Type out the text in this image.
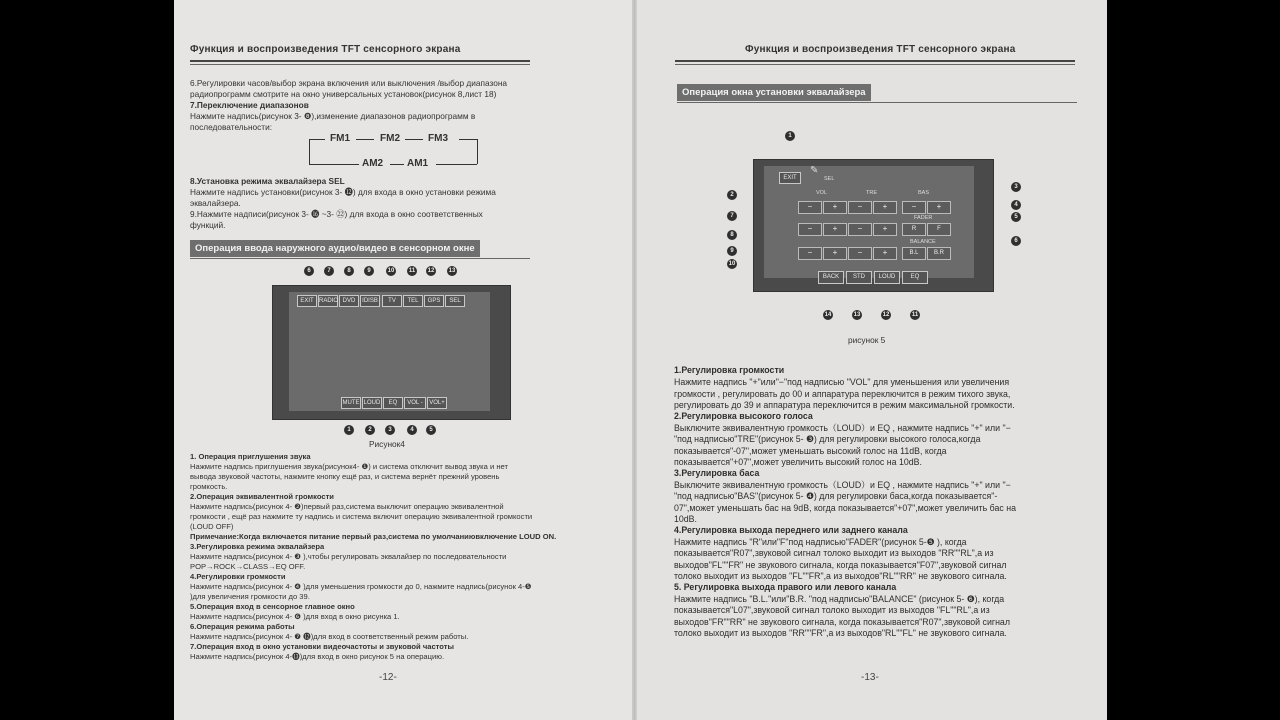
Функция и воспроизведения TFT сенсорного экрана
6.Регулировки часов/выбор экрана включения или выключения /выбор диапазона
радиопрограмм смотрите на окно универсальных установок(рисунок 8,лист 18)
7.Переключение диапазонов
Нажмите надпись(рисунок 3- ❽),изменение диапазонов радиопрограмм в
последовательности:
FM1	FM2	FM3
AM2 AM1
8.Установка режима эквалайзера SEL
Нажмите надпись установки(рисунок 3- ⓬) для входа в окно установки режима
эквалайзера.
9.Нажмите надписи(рисунок 3- ⓰ ~3- ㉒) для входа в окно соответственных
функций.
Операция ввода наружного аудио/видео в сенсорном окне
6	7	8	9	10	11	12 13
EXIT RADIO DVD	IDISB	TV	TEL	GPS	SEL
MUTE LOUD	EQ	VOL -	VOL+
1	2	3	4	5
Рисунок4
1. Операция приглушения звука
Нажмите надпись приглушения звука(рисунок4- ❶) и система отключит вывод звука и нет
вывода звуковой частоты, нажмите кнопку ещё раз, и система вернёт прежний уровень
громкость.
2.Операция эквивалентной громкости
Нажмите надпись(рисунок 4- ❷)первый раз,система выключит операцию эквивалентной
громкости , ещё раз нажмите ту надпись и система включит операцию эквивалентной громкости
(LOUD OFF)
Примечание:Когда включается питание первый раз,система по умолчаниювключение LOUD ON.
3.Регулировка режима эквалайзера
Нажмите надпись(рисунок 4- ❸ ),чтобы регулировать эквалайзер по последовательности
POP→ROCK→CLASS→EQ OFF.
4.Регулировки громкости
Нажмите надпись(рисунок 4- ❹ )для уменьшения громкости до 0, нажмите надпись(рисунок 4-❺
)для увеличения громкости до 39.
5.Операция вход в сенсорное главное окно
Нажмите надпись(рисунок 4- ❻ )для вход в окно рисунка 1.
6.Операция режима работы
Нажмите надпись(рисунок 4- ❼ ⓬)для вход в соответственный режим работы.
7.Операция вход в окно установки видеочастоты и звуковой частоты
Нажмите надпись(рисунок 4-⓭)для вход в окно рисунок 5 на операцию.
-12-
Функция и воспроизведения TFT сенсорного экрана
Операция окна установки эквалайзера
1
2
7
8
9
10
3
4
5
6
EXIT
✎
SEL
VOL	TRE	BAS
−	+	−	+	−	+
FADER
−	+	−	+	R	F
BALANCE
−	+	−	+	B.L	B.R
BACK	STD	LOUD	EQ
14	13	12	11
рисунок 5
1.Регулировка громкости
Нажмите надпись "+"или"−"под надписью "VOL" для уменьшения или увеличения
громкости , регулировать до 00 и аппаратура переключится в режим тихого звука,
регулировать до 39 и аппаратура переключится в режим максимальной громкости.
2.Регулировка высокого голоса
Выключите эквивалентную громкость（LOUD）и EQ , нажмите надпись "+" или "−
"под надписью"TRE"(рисунок 5- ❸) для регулировки высокого голоса,когда
показывается"-07",может уменьшать высокий голос на 11dB, когда
показывается"+07",может увеличить высокий голос на 10dB.
3.Регулировка баса
Выключите эквивалентную громкость（LOUD）и EQ , нажмите надпись "+" или "−
"под надписью"BAS"(рисунок 5- ❹) для регулировки баса,когда показывается"-
07",может уменьшать бас на 9dB, когда показывается"+07",может увеличить бас на
10dB.
4.Регулировка выхода переднего или заднего канала
Нажмите надпись "R"или"F"под надписью"FADER"(рисунок 5-❺ ), когда
показывается"R07",звуковой сигнал толоко выходит из выходов "RR""RL",а из
выходов"FL""FR" не звукового сигнала, когда показывается"F07",звуковой сигнал
толоко выходит из выходов "FL""FR",а из выходов"RL""RR" не звукового сигнала.
5. Регулировка выхода правого или левого канала
Нажмите надпись "B.L."или"B.R. "под надписью"BALANCE" (рисунок 5- ❻), когда
показывается"L07",звуковой сигнал толоко выходит из выходов "FL""RL",а из
выходов"FR""RR" не звукового сигнала, когда показывается"R07",звуковой сигнал
толоко выходит из выходов "RR""FR",а из выходов"RL""FL" не звукового сигнала.
-13-
